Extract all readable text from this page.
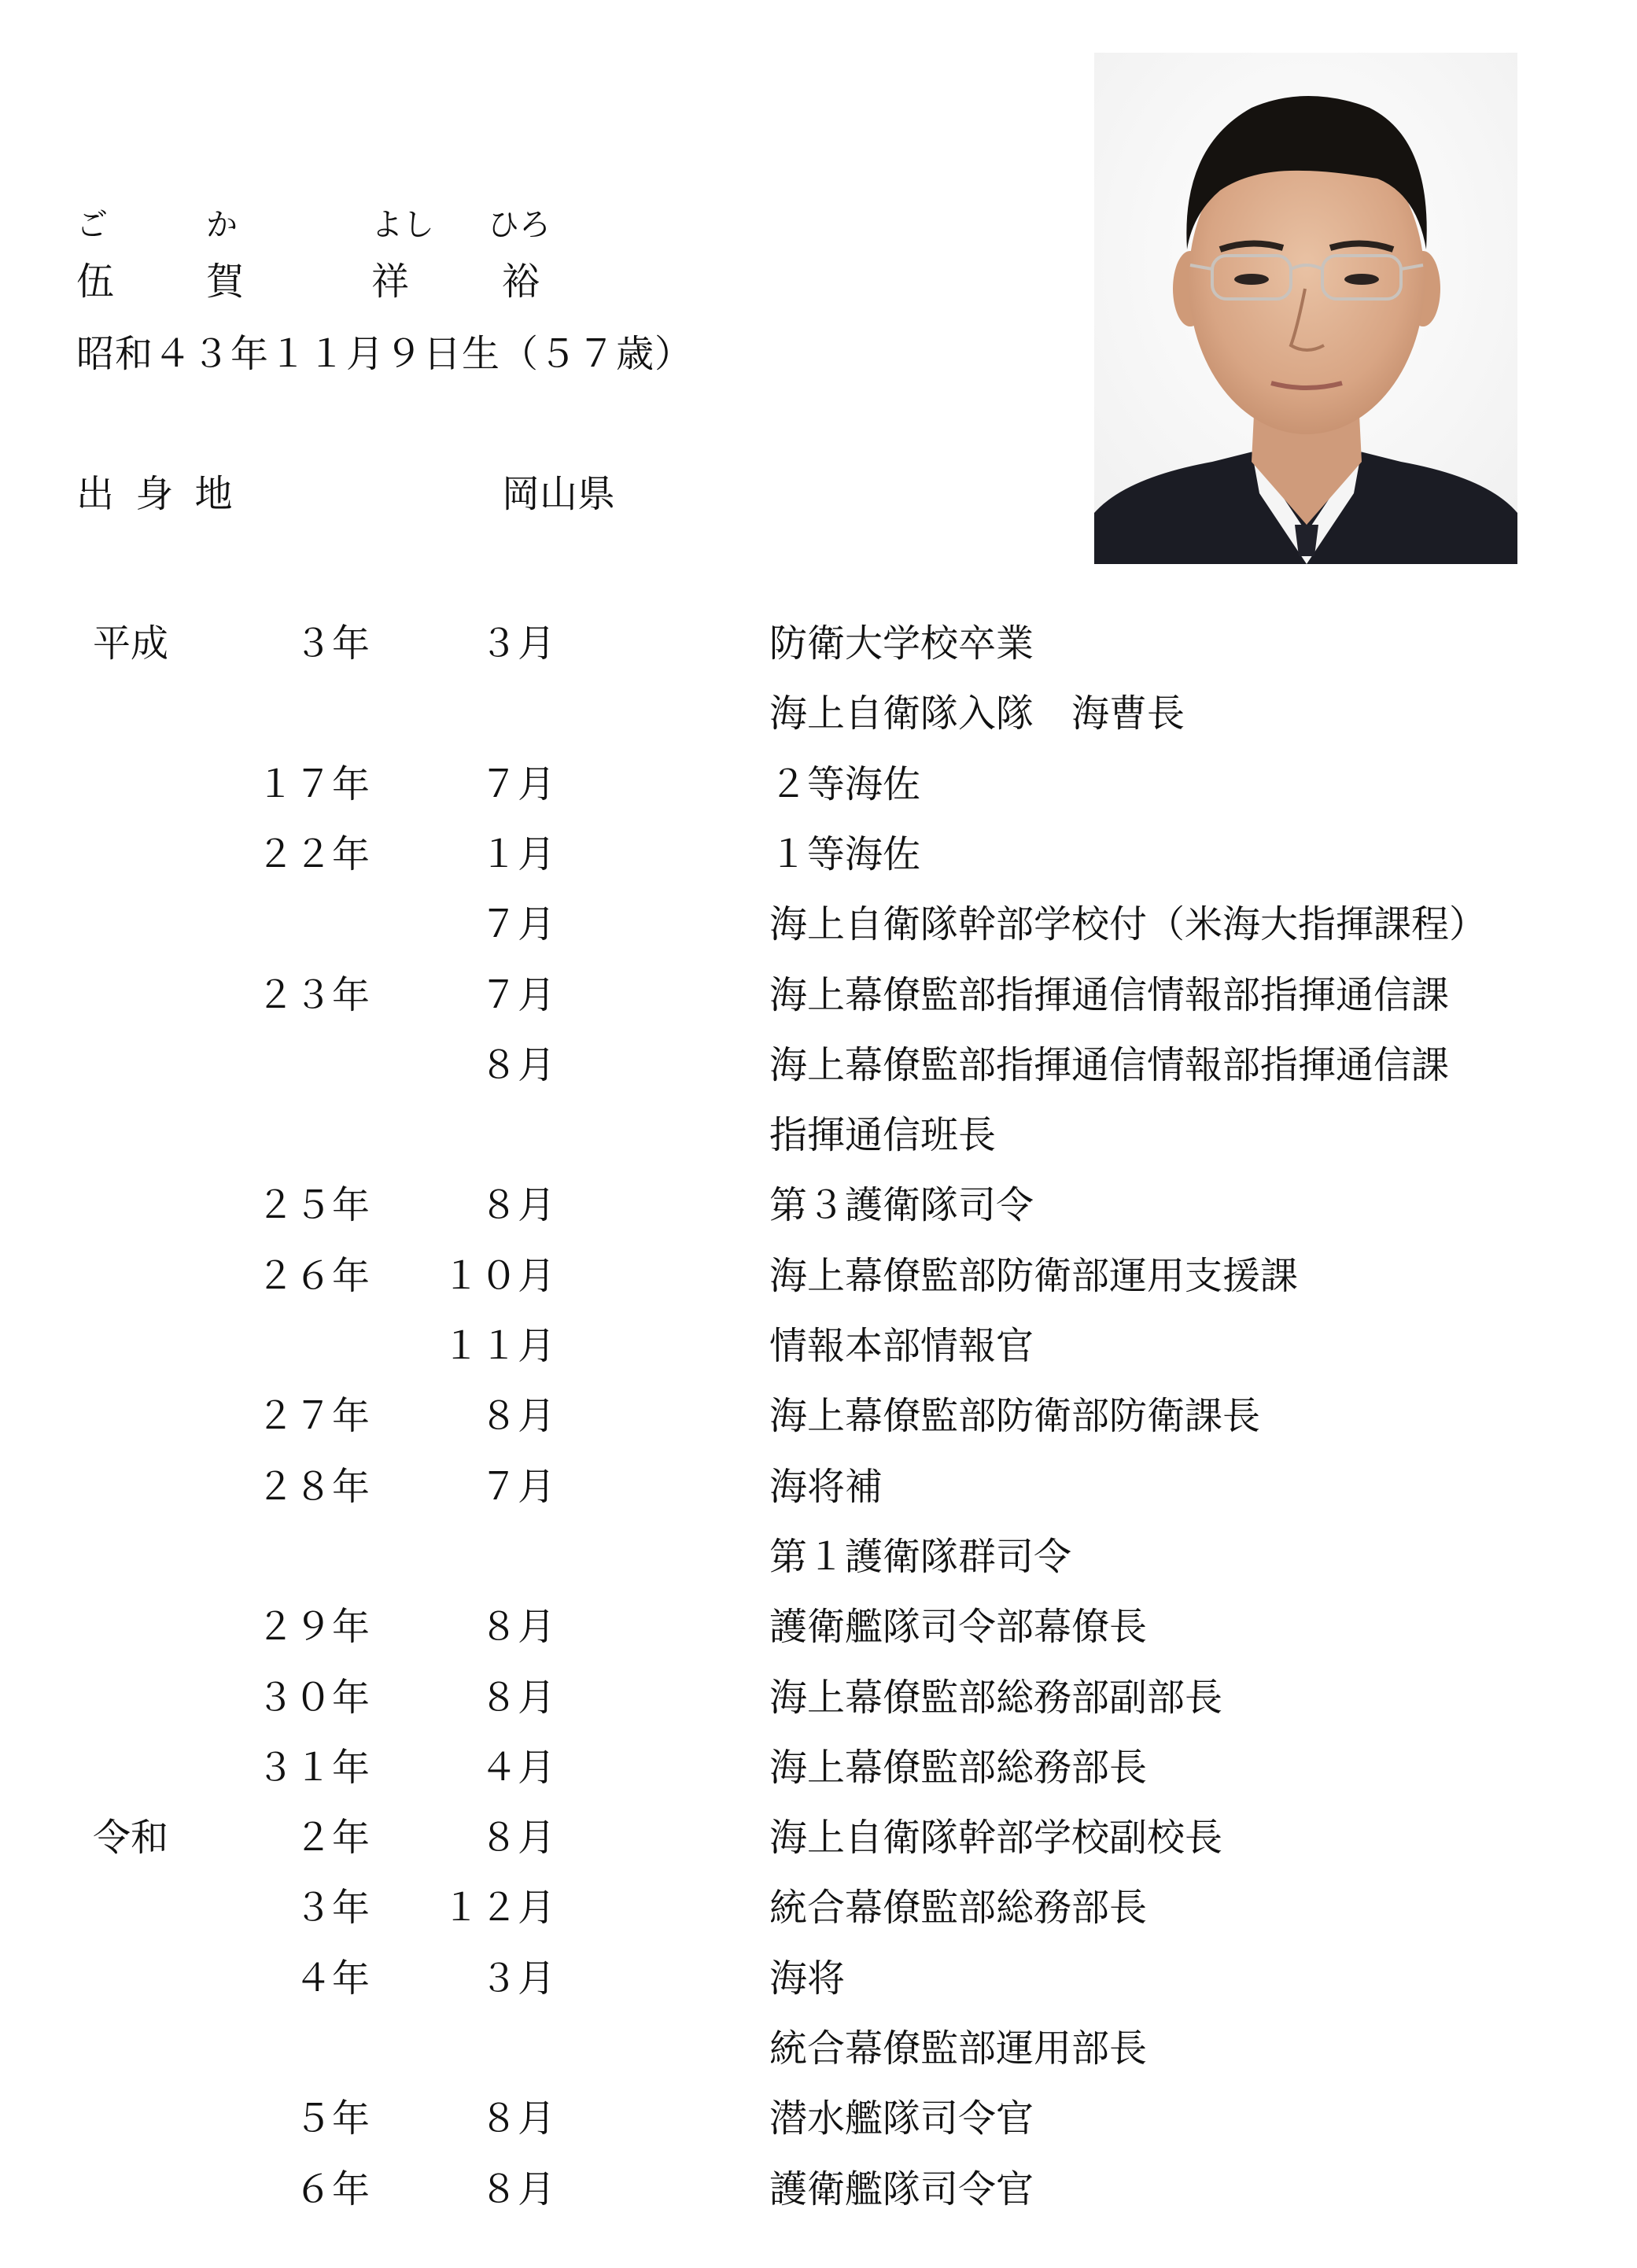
ご	か	よし ひろ
伍 賀	祥 裕
昭和４３年１１月９日生（５７歳）
出 身 地	岡山県
平成	３年	３月	防衛大学校卒業
海上自衛隊入隊　海曹長
１７年	７月	２等海佐
２２年	１月	１等海佐
７月	海上自衛隊幹部学校付（米海大指揮課程）
２３年	７月	海上幕僚監部指揮通信情報部指揮通信課
８月	海上幕僚監部指揮通信情報部指揮通信課
指揮通信班長
２５年	８月	第３護衛隊司令
２６年	１０月	海上幕僚監部防衛部運用支援課
１１月	情報本部情報官
２７年	８月	海上幕僚監部防衛部防衛課長
２８年	７月	海将補
第１護衛隊群司令
２９年	８月	護衛艦隊司令部幕僚長
３０年	８月	海上幕僚監部総務部副部長
３１年	４月	海上幕僚監部総務部長
令和	２年	８月	海上自衛隊幹部学校副校長
３年	１２月	統合幕僚監部総務部長
４年	３月	海将
統合幕僚監部運用部長
５年	８月	潜水艦隊司令官
６年	８月	護衛艦隊司令官
